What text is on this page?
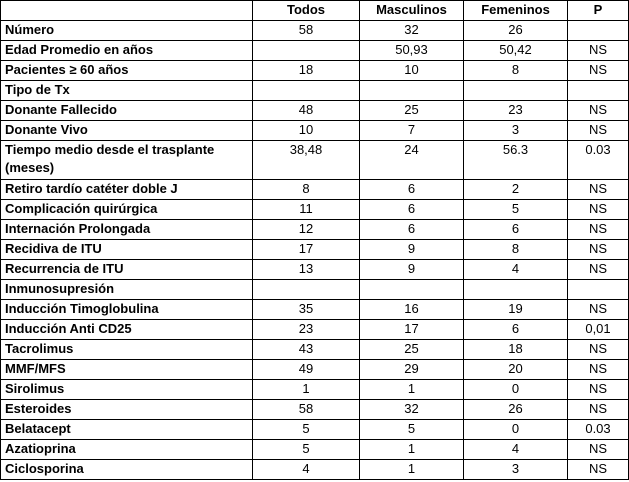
	Todos	Masculinos	Femeninos	P
Número	58	32	26	
Edad Promedio en años		50,93	50,42	NS
Pacientes ≥ 60 años	18	10	8	NS
Tipo de Tx				
Donante Fallecido	48	25	23	NS
Donante Vivo	10	7	3	NS
Tiempo medio desde el trasplante (meses)	38,48	24	56.3	0.03
Retiro tardío catéter doble J	8	6	2	NS
Complicación quirúrgica	11	6	5	NS
Internación Prolongada	12	6	6	NS
Recidiva de ITU	17	9	8	NS
Recurrencia de ITU	13	9	4	NS
Inmunosupresión				
Inducción Timoglobulina	35	16	19	NS
Inducción Anti CD25	23	17	6	0,01
Tacrolimus	43	25	18	NS
MMF/MFS	49	29	20	NS
Sirolimus	1	1	0	NS
Esteroides	58	32	26	NS
Belatacept	5	5	0	0.03
Azatioprina	5	1	4	NS
Ciclosporina	4	1	3	NS
